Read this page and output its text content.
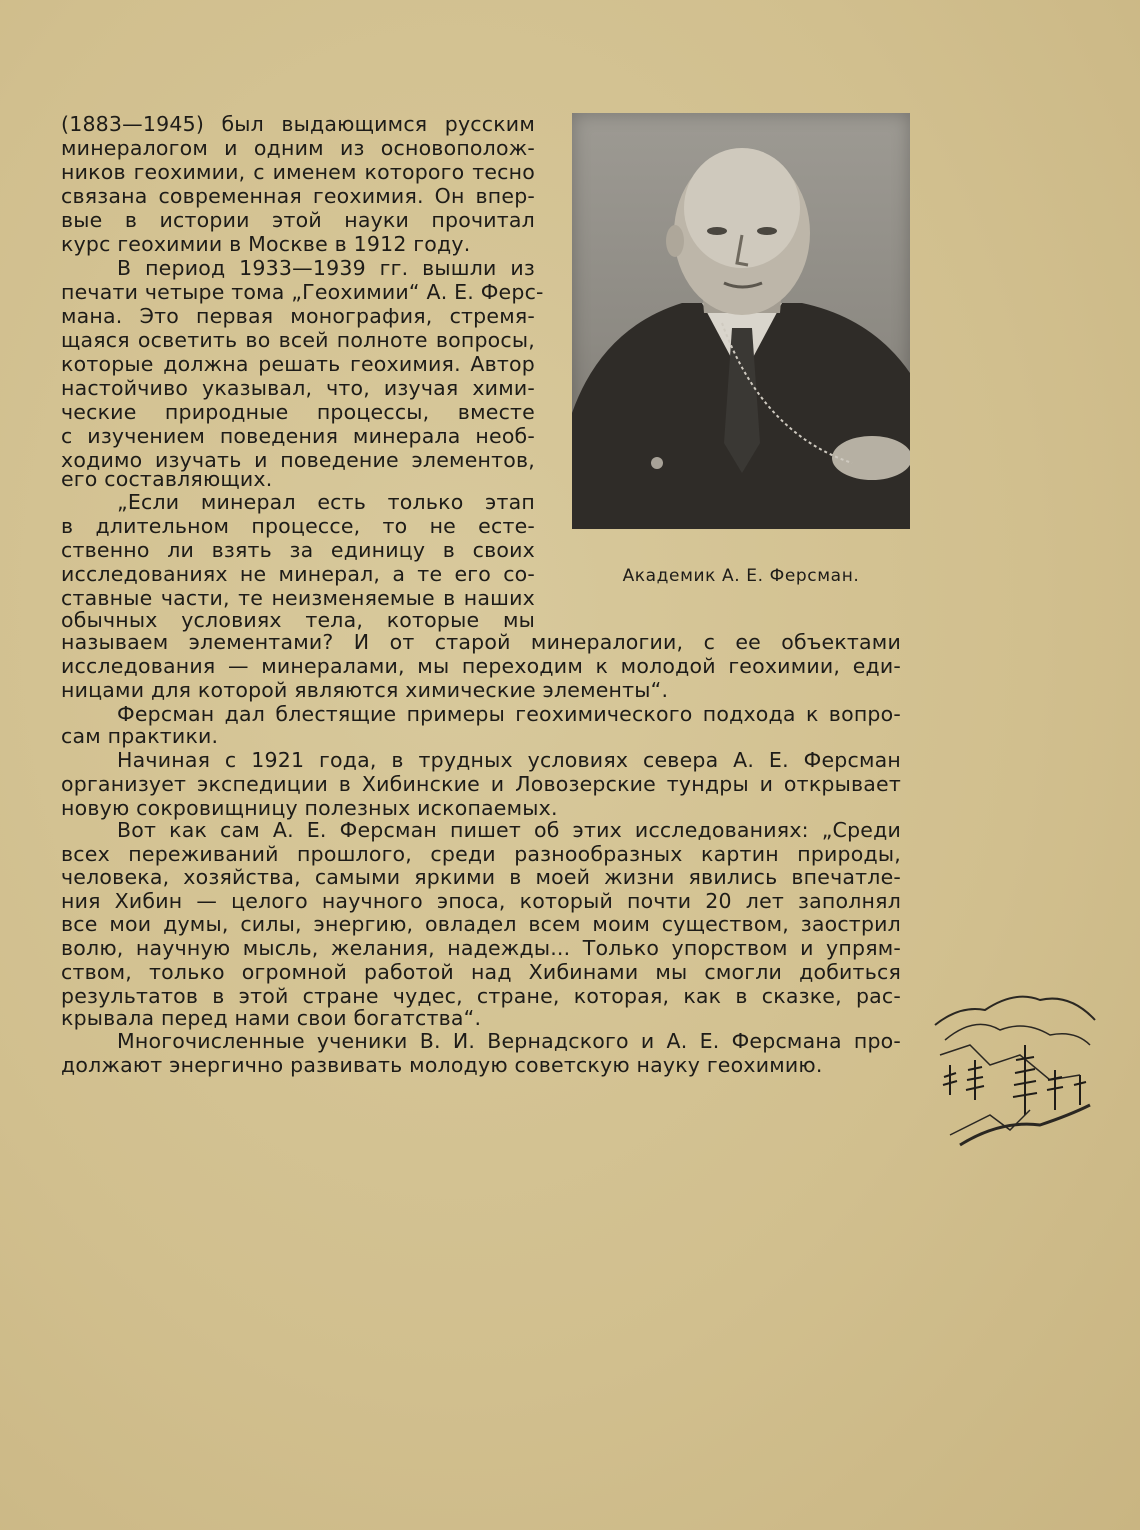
(1883—1945) был выдающимся русским
минералогом и одним из основополож-
ников геохимии, с именем которого тесно
связана современная геохимия. Он впер-
вые в истории этой науки прочитал
курс геохимии в Москве в 1912 году.
В период 1933—1939 гг. вышли из
печати четыре тома „Геохимии“ А. Е. Ферс-
мана. Это первая монография, стремя-
щаяся осветить во всей полноте вопросы,
которые должна решать геохимия. Автор
настойчиво указывал, что, изучая хими-
ческие природные процессы, вместе
с изучением поведения минерала необ-
ходимо изучать и поведение элементов,
его составляющих.
„Если минерал есть только этап
в длительном процессе, то не есте-
ственно ли взять за единицу в своих
исследованиях не минерал, а те его со-
ставные части, те неизменяемые в наших
обычных условиях тела, которые мы
называем элементами? И от старой минералогии, с ее объектами
исследования — минералами, мы переходим к молодой геохимии, еди-
ницами для которой являются химические элементы“.
Ферсман дал блестящие примеры геохимического подхода к вопро-
сам практики.
Начиная с 1921 года, в трудных условиях севера А. Е. Ферсман
организует экспедиции в Хибинские и Ловозерские тундры и открывает
новую сокровищницу полезных ископаемых.
Вот как сам А. Е. Ферсман пишет об этих исследованиях: „Среди
всех переживаний прошлого, среди разнообразных картин природы,
человека, хозяйства, самыми яркими в моей жизни явились впечатле-
ния Хибин — целого научного эпоса, который почти 20 лет заполнял
все мои думы, силы, энергию, овладел всем моим существом, заострил
волю, научную мысль, желания, надежды... Только упорством и упрям-
ством, только огромной работой над Хибинами мы смогли добиться
результатов в этой стране чудес, стране, которая, как в сказке, рас-
крывала перед нами свои богатства“.
Многочисленные ученики В. И. Вернадского и А. Е. Ферсмана про-
должают энергично развивать молодую советскую науку геохимию.
Академик А. Е. Ферсман.
